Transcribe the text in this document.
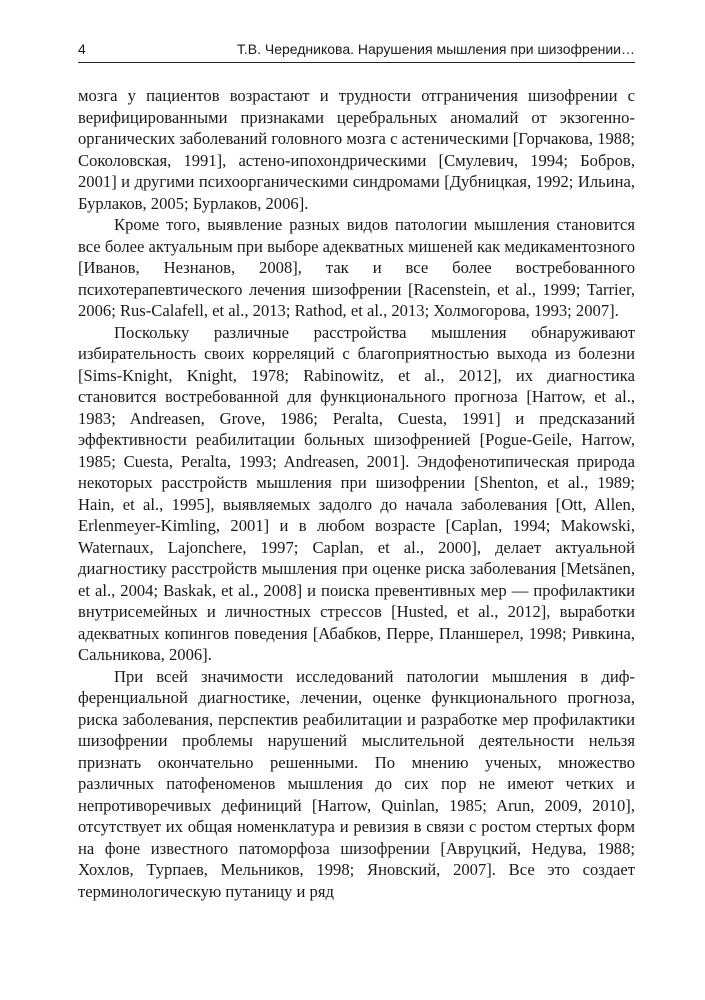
4	Т.В. Чередникова. Нарушения мышления при шизофрении…

мозга у пациентов возрастают и трудности отграничения шизофрении с верифицированными признаками церебральных аномалий от экзогенно-органических заболеваний головного мозга с астеническими [Горчакова, 1988; Соколовская, 1991], астено-ипохондрическими [Смулевич, 1994; Бобров, 2001] и другими психоорганическими синдромами [Дубницкая, 1992; Ильина, Бурлаков, 2005; Бурлаков, 2006].

Кроме того, выявление разных видов патологии мышления становится все более актуальным при выборе адекватных мишеней как медикаментозного [Иванов, Незнанов, 2008], так и все более востребованного психотерапевтического лечения шизофрении [Racenstein, et al., 1999; Tarrier, 2006; Rus-Calafell, et al., 2013; Rathod, et al., 2013; Холмогорова, 1993; 2007].

Поскольку различные расстройства мышления обнаруживают избирательность своих корреляций с благоприятностью выхода из болезни [Sims-Knight, Knight, 1978; Rabinowitz, et al., 2012], их диагностика становится востребованной для функционального прогноза [Harrow, et al., 1983; Andreasen, Grove, 1986; Peralta, Cuesta, 1991] и предсказаний эффективности реабилитации больных шизофренией [Pogue-Geile, Harrow, 1985; Cuesta, Peralta, 1993; Andreasen, 2001]. Эндофенотипическая природа некоторых расстройств мышления при шизофрении [Shenton, et al., 1989; Hain, et al., 1995], выявляемых задолго до начала заболевания [Ott, Allen, Erlenmeyer-Kimling, 2001] и в любом возрасте [Caplan, 1994; Makowski, Waternaux, Lajonchere, 1997; Caplan, et al., 2000], делает актуальной диагностику расстройств мышления при оценке риска заболевания [Metsänen, et al., 2004; Baskak, et al., 2008] и поиска превентивных мер — профилактики внутрисемейных и личностных стрессов [Husted, et al., 2012], выработки адекватных копингов поведения [Абабков, Перре, Планшерел, 1998; Ривкина, Сальникова, 2006].

При всей значимости исследований патологии мышления в дифференциальной диагностике, лечении, оценке функционального прогноза, риска заболевания, перспектив реабилитации и разработке мер профилактики шизофрении проблемы нарушений мыслительной деятельности нельзя признать окончательно решенными. По мнению ученых, множество различных патофеноменов мышления до сих пор не имеют четких и непротиворечивых дефиниций [Harrow, Quinlan, 1985; Arun, 2009, 2010], отсутствует их общая номенклатура и ревизия в связи с ростом стертых форм на фоне известного патоморфоза шизофрении [Авруцкий, Недува, 1988; Хохлов, Турпаев, Мельников, 1998; Яновский, 2007]. Все это создает терминологическую путаницу и ряд
